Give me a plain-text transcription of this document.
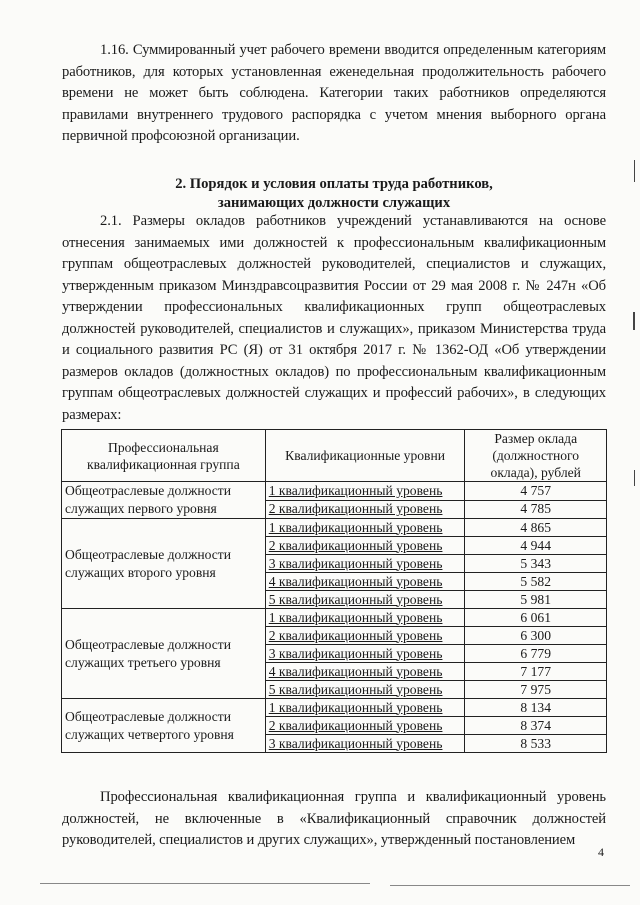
1.16. Суммированный учет рабочего времени вводится определенным категориям работников, для которых установленная еженедельная продолжительность рабочего времени не может быть соблюдена. Категории таких работников определяются правилами внутреннего трудового распорядка с учетом мнения выборного органа первичной профсоюзной организации.
2. Порядок и условия оплаты труда работников,
занимающих должности служащих
2.1. Размеры окладов работников учреждений устанавливаются на основе отнесения занимаемых ими должностей к профессиональным квалификационным группам общеотраслевых должностей руководителей, специалистов и служащих, утвержденным приказом Минздравсоцразвития России от 29 мая 2008 г. № 247н «Об утверждении профессиональных квалификационных групп общеотраслевых должностей руководителей, специалистов и служащих», приказом Министерства труда и социального развития РС (Я) от 31 октября 2017 г. № 1362-ОД «Об утверждении размеров окладов (должностных окладов) по профессиональным квалификационным группам общеотраслевых должностей служащих и профессий рабочих», в следующих размерах:
Профессиональная квалификационная группа	Квалификационные уровни	Размер оклада (должностного оклада), рублей
Общеотраслевые должности служащих первого уровня	1 квалификационный уровень	4 757
	2 квалификационный уровень	4 785
Общеотраслевые должности служащих второго уровня	1 квалификационный уровень	4 865
	2 квалификационный уровень	4 944
	3 квалификационный уровень	5 343
	4 квалификационный уровень	5 582
	5 квалификационный уровень	5 981
Общеотраслевые должности служащих третьего уровня	1 квалификационный уровень	6 061
	2 квалификационный уровень	6 300
	3 квалификационный уровень	6 779
	4 квалификационный уровень	7 177
	5 квалификационный уровень	7 975
Общеотраслевые должности служащих четвертого уровня	1 квалификационный уровень	8 134
	2 квалификационный уровень	8 374
	3 квалификационный уровень	8 533
Профессиональная квалификационная группа и квалификационный уровень должностей, не включенные в «Квалификационный справочник должностей руководителей, специалистов и других служащих», утвержденный постановлением
4
